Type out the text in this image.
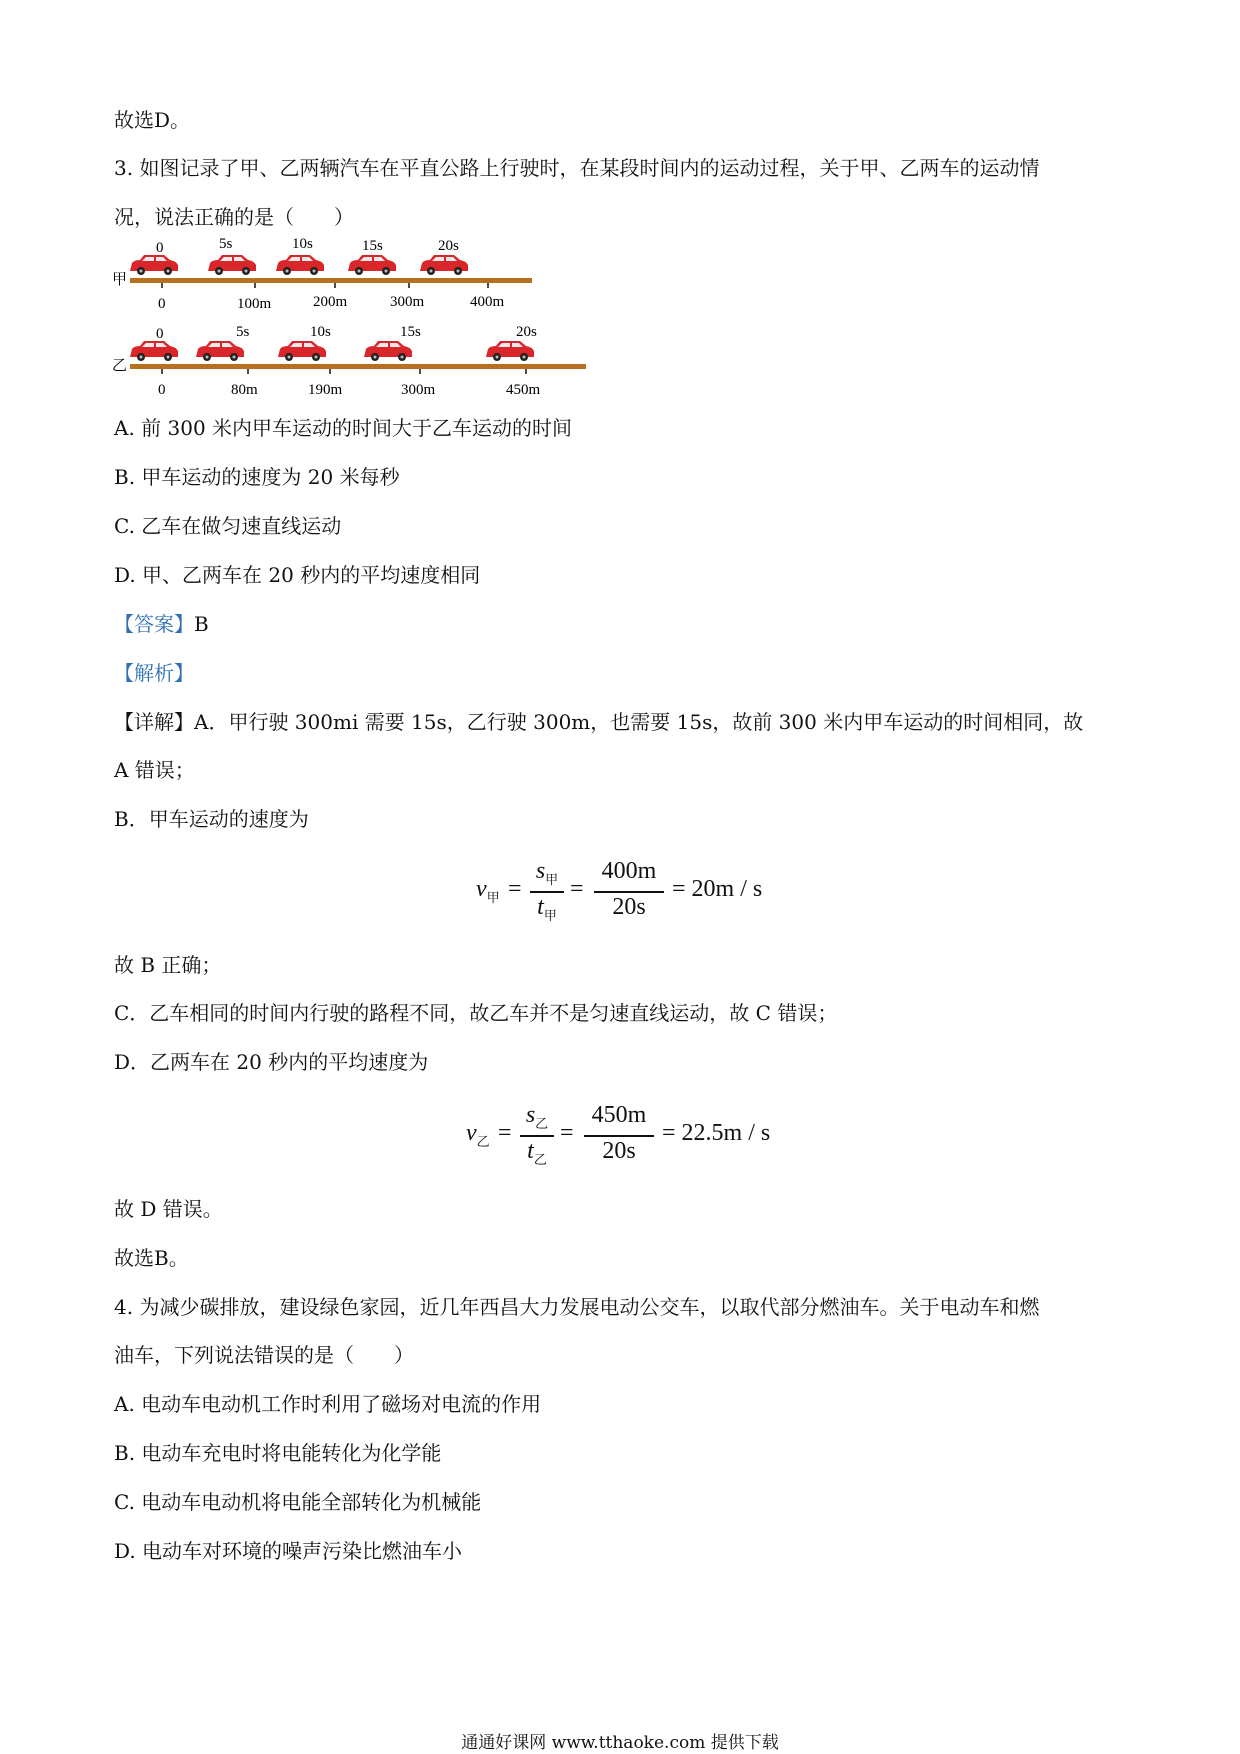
故选D。
3. 如图记录了甲、乙两辆汽车在平直公路上行驶时，在某段时间内的运动过程，关于甲、乙两车的运动情
况，说法正确的是（　　）
甲
0	5s	10s	15s	20s
0	100m	200m	300m	400m
乙
0	5s	10s	15s	20s
0	80m	190m	300m	450m
A. 前 300 米内甲车运动的时间大于乙车运动的时间
B. 甲车运动的速度为 20 米每秒
C. 乙车在做匀速直线运动
D. 甲、乙两车在 20 秒内的平均速度相同
【答案】B
【解析】
【详解】A．甲行驶 300mi 需要 15s，乙行驶 300m，也需要 15s，故前 300 米内甲车运动的时间相同，故
A 错误；
B．甲车运动的速度为
$v_甲$ =
$s_甲$
$t_甲$
=
400m
20s
= 20m / s
故 B 正确；
C．乙车相同的时间内行驶的路程不同，故乙车并不是匀速直线运动，故 C 错误；
D．乙两车在 20 秒内的平均速度为
$v_乙$ =
$s_乙$
$t_乙$
=
450m
20s
= 22.5m / s
故 D 错误。
故选B。
4. 为减少碳排放，建设绿色家园，近几年西昌大力发展电动公交车，以取代部分燃油车。关于电动车和燃
油车，下列说法错误的是（　　）
A. 电动车电动机工作时利用了磁场对电流的作用
B. 电动车充电时将电能转化为化学能
C. 电动车电动机将电能全部转化为机械能
D. 电动车对环境的噪声污染比燃油车小
通通好课网 www.tthaoke.com 提供下载
